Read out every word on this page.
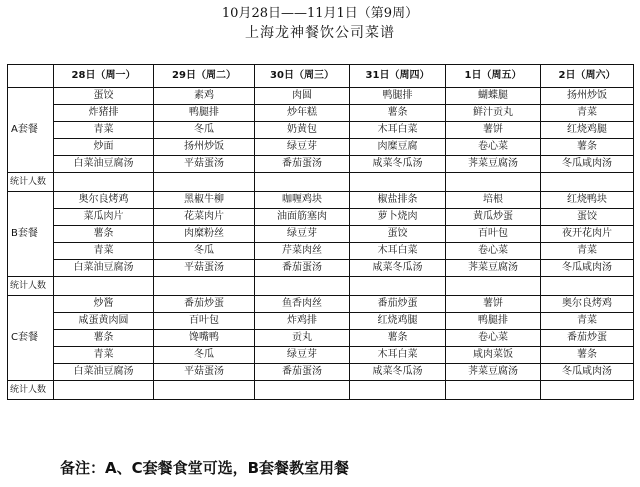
10月28日——11月1日（第9周）
上海龙神餐饮公司菜谱
	28日（周一）	29日（周二）	30日（周三）	31日（周四）	1日（周五）	2日（周六）
A套餐	蛋饺	素鸡	肉圆	鸭腿排	蝴蝶腿	扬州炒饭
	炸猪排	鸭腿排	炒年糕	薯条	鲜汁贡丸	青菜
	青菜	冬瓜	奶黄包	木耳白菜	薯饼	红烧鸡腿
	炒面	扬州炒饭	绿豆芽	肉糜豆腐	卷心菜	薯条
	白菜油豆腐汤	平菇蛋汤	番茄蛋汤	咸菜冬瓜汤	荠菜豆腐汤	冬瓜咸肉汤
统计人数						
B套餐	奥尔良烤鸡	黑椒牛柳	咖喱鸡块	椒盐排条	培根	红烧鸭块
	菜瓜肉片	花菜肉片	油面筋塞肉	萝卜烧肉	黄瓜炒蛋	蛋饺
	薯条	肉糜粉丝	绿豆芽	蛋饺	百叶包	夜开花肉片
	青菜	冬瓜	芹菜肉丝	木耳白菜	卷心菜	青菜
	白菜油豆腐汤	平菇蛋汤	番茄蛋汤	咸菜冬瓜汤	荠菜豆腐汤	冬瓜咸肉汤
统计人数						
C套餐	炒酱	番茄炒蛋	鱼香肉丝	番茄炒蛋	薯饼	奥尔良烤鸡
	咸蛋黄肉圆	百叶包	炸鸡排	红烧鸡腿	鸭腿排	青菜
	薯条	馋嘴鸭	贡丸	薯条	卷心菜	番茄炒蛋
	青菜	冬瓜	绿豆芽	木耳白菜	咸肉菜饭	薯条
	白菜油豆腐汤	平菇蛋汤	番茄蛋汤	咸菜冬瓜汤	荠菜豆腐汤	冬瓜咸肉汤
统计人数						
备注：A、C套餐食堂可选，B套餐教室用餐
